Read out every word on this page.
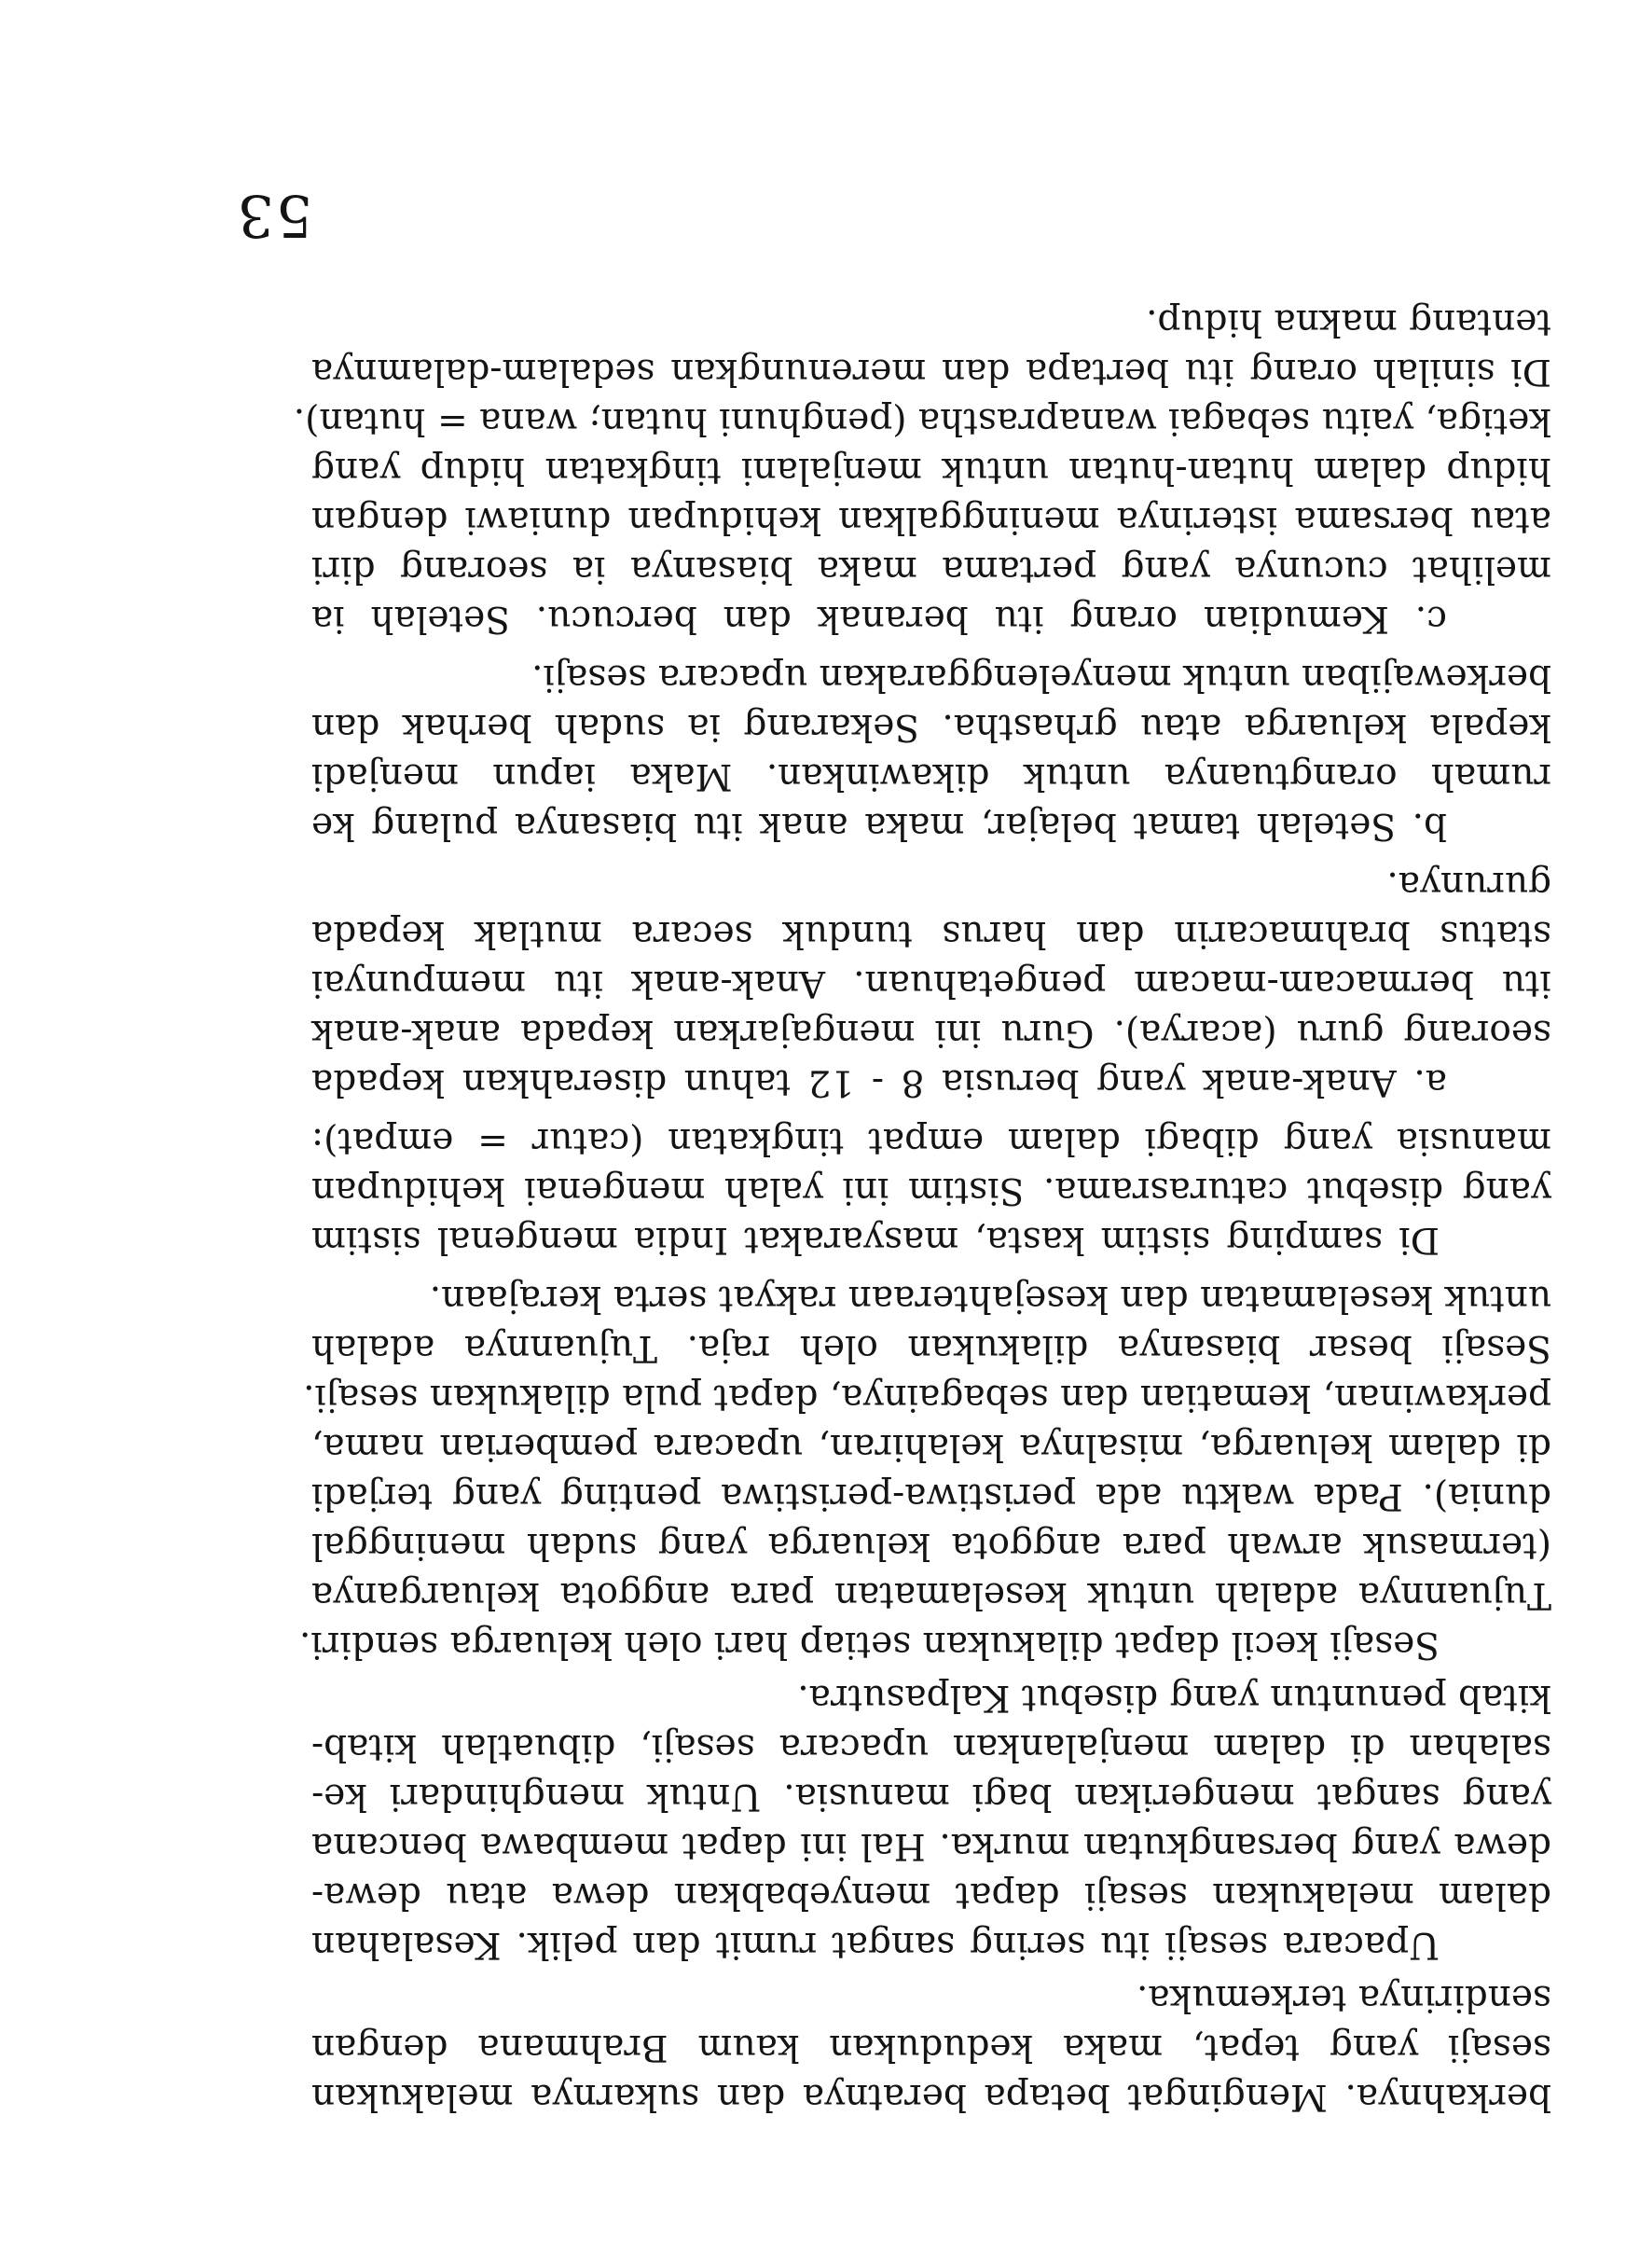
berkahnya. Mengingat betapa beratnya dan sukarnya melakukan
sesaji yang tepat, maka kedudukan kaum Brahmana dengan
sendirinya terkemuka.
Upacara sesaji itu sering sangat rumit dan pelik. Kesalahan
dalam melakukan sesaji dapat menyebabkan dewa atau dewa-
dewa yang bersangkutan murka. Hal ini dapat membawa bencana
yang sangat mengerikan bagi manusia. Untuk menghindari ke-
salahan di dalam menjalankan upacara sesaji, dibuatlah kitab-
kitab penuntun yang disebut Kalpasutra.
Sesaji kecil dapat dilakukan setiap hari oleh keluarga sendiri.
Tujuannya adalah untuk keselamatan para anggota keluarganya
(termasuk arwah para anggota keluarga yang sudah meninggal
dunia). Pada waktu ada peristiwa-peristiwa penting yang terjadi
di dalam keluarga, misalnya kelahiran, upacara pemberian nama,
perkawinan, kematian dan sebagainya, dapat pula dilakukan sesaji.
Sesaji besar biasanya dilakukan oleh raja. Tujuannya adalah
untuk keselamatan dan kesejahteraan rakyat serta kerajaan.
Di samping sistim kasta, masyarakat India mengenal sistim
yang disebut caturasrama. Sistim ini yalah mengenai kehidupan
manusia yang dibagi dalam empat tingkatan (catur = empat):
a. Anak-anak yang berusia 8 - 12 tahun diserahkan kepada
seorang guru (acarya). Guru ini mengajarkan kepada anak-anak
itu bermacam-macam pengetahuan. Anak-anak itu mempunyai
status brahmacarin dan harus tunduk secara mutlak kepada
gurunya.
b. Setelah tamat belajar, maka anak itu biasanya pulang ke
rumah orangtuanya untuk dikawinkan. Maka iapun menjadi
kepala keluarga atau grhastha. Sekarang ia sudah berhak dan
berkewajiban untuk menyelenggarakan upacara sesaji.
c. Kemudian orang itu beranak dan bercucu. Setelah ia
melihat cucunya yang pertama maka biasanya ia seorang diri
atau bersama isterinya meninggalkan kehidupan duniawi dengan
hidup dalam hutan-hutan untuk menjalani tingkatan hidup yang
ketiga, yaitu sebagai wanaprastha (penghuni hutan; wana = hutan).
Di sinilah orang itu bertapa dan merenungkan sedalam-dalamnya
tentang makna hidup.
53
